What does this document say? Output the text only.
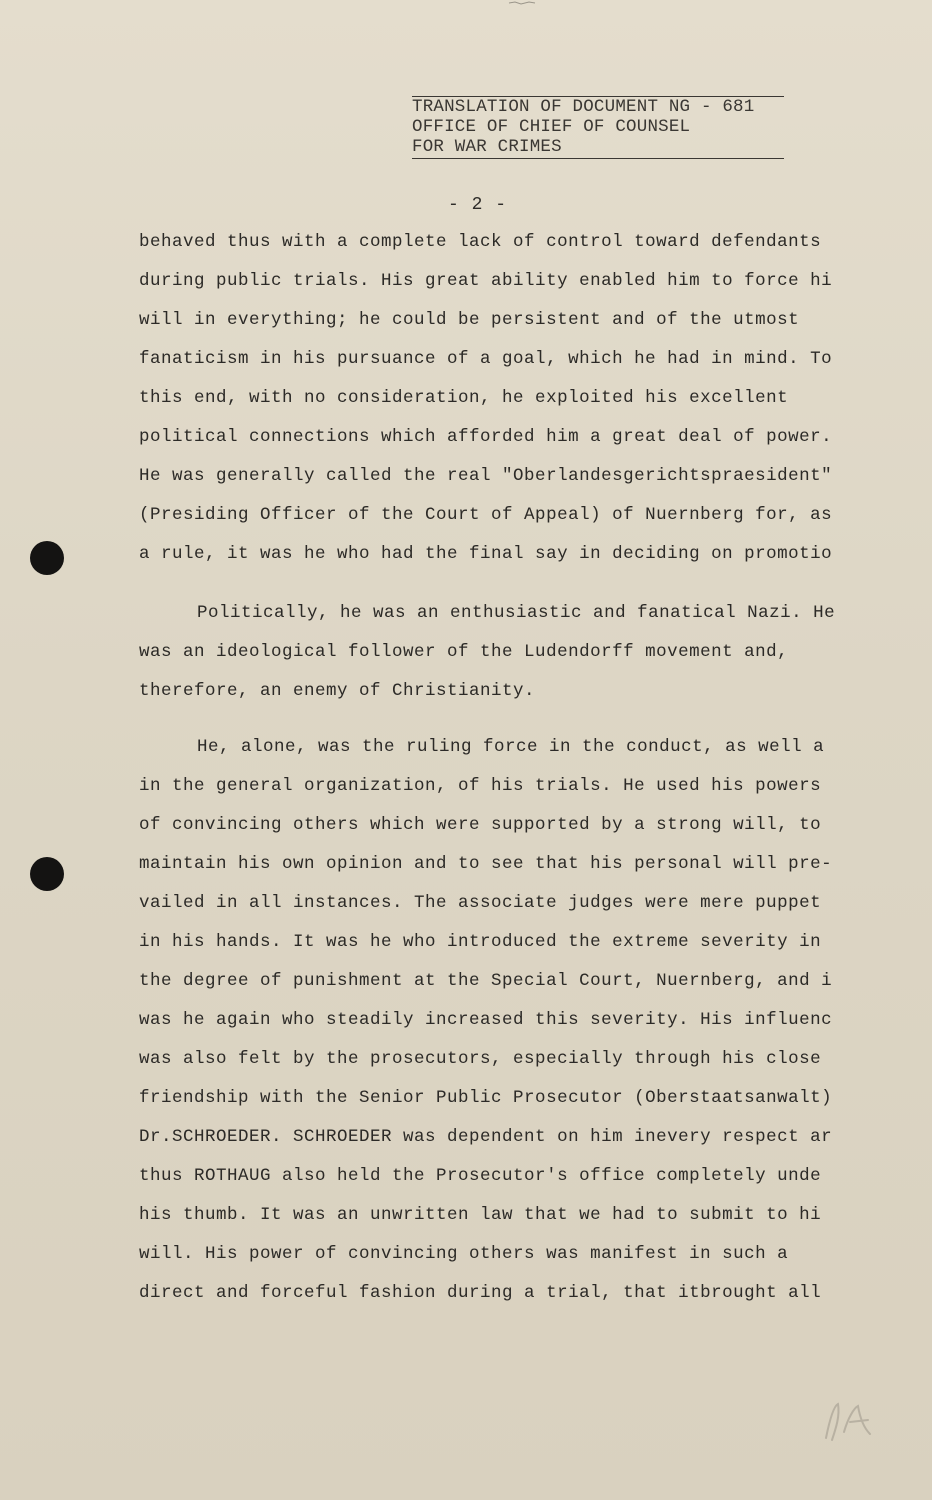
TRANSLATION OF DOCUMENT NG - 681
OFFICE OF CHIEF OF COUNSEL
FOR WAR CRIMES
- 2 -
behaved thus with a complete lack of control toward defendants
during public trials. His great ability enabled him to force hi
will in everything; he could be persistent and of the utmost
fanaticism in his pursuance of a goal, which he had in mind. To
this end, with no consideration, he exploited his excellent
political connections which afforded him a great deal of power.
He was generally called the real "Oberlandesgerichtspraesident"
(Presiding Officer of the Court of Appeal) of Nuernberg for, as
a rule, it was he who had the final say in deciding on promotio
Politically, he was an enthusiastic and fanatical Nazi. He
was an ideological follower of the Ludendorff movement and,
therefore, an enemy of Christianity.
He, alone, was the ruling force in the conduct, as well a
in the general organization, of his trials. He used his powers
of convincing others which were supported by a strong will, to
maintain his own opinion and to see that his personal will pre-
vailed in all instances. The associate judges were mere puppet
in his hands. It was he who introduced the extreme severity in
the degree of punishment at the Special Court, Nuernberg, and i
was he again who steadily increased this severity. His influenc
was also felt by the prosecutors, especially through his close
friendship with the Senior Public Prosecutor (Oberstaatsanwalt)
Dr.SCHROEDER. SCHROEDER was dependent on him inevery respect ar
thus ROTHAUG also held the Prosecutor's office completely unde
his thumb. It was an unwritten law that we had to submit to hi
will. His power of convincing others was manifest in such a
direct and forceful fashion during a trial, that itbrought all
